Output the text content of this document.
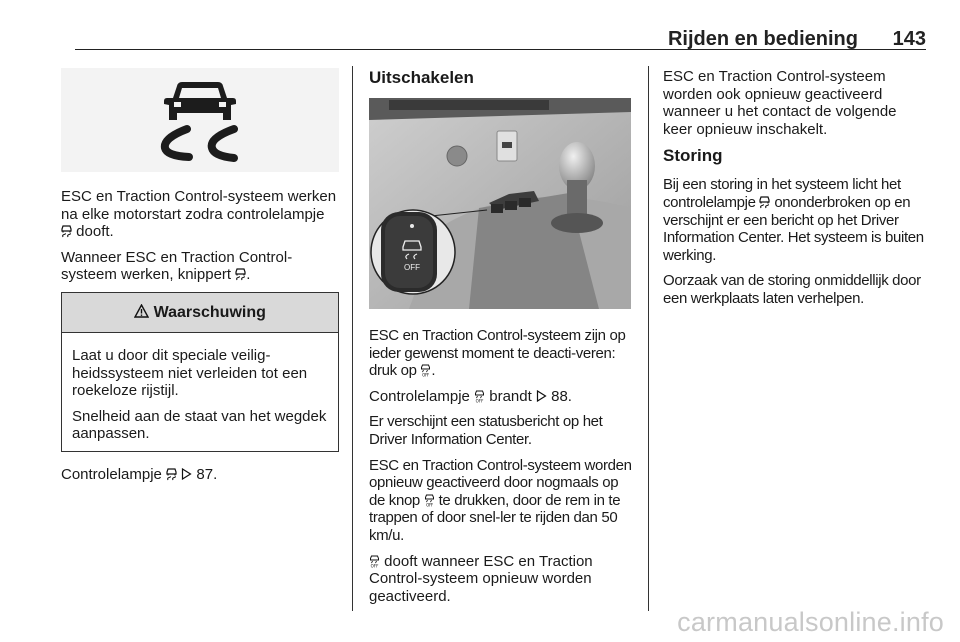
Rijden en bediening 143

ESC en Traction Control-systeem werken na elke motorstart zodra controlelampje  dooft.

Wanneer ESC en Traction Control-systeem werken, knippert .

Waarschuwing

Laat u door dit speciale veilig-heidssysteem niet verleiden tot een roekeloze rijstijl.

Snelheid aan de staat van het wegdek aanpassen.

Controlelampje 87.

Uitschakelen
OFF

ESC en Traction Control-systeem zijn op ieder gewenst moment te deacti-veren: druk op .

Controlelampje brandt 88.

Er verschijnt een statusbericht op het Driver Information Center.

ESC en Traction Control-systeem worden opnieuw geactiveerd door nogmaals op de knop te drukken, door de rem in te trappen of door snel-ler te rijden dan 50 km/u.

dooft wanneer ESC en Traction Control-systeem opnieuw worden geactiveerd.

ESC en Traction Control-systeem worden ook opnieuw geactiveerd wanneer u het contact de volgende keer opnieuw inschakelt.

Storing

Bij een storing in het systeem licht het controlelampje ononderbroken op en verschijnt er een bericht op het Driver Information Center. Het systeem is buiten werking.

Oorzaak van de storing onmiddellijk door een werkplaats laten verhelpen.

carmanualsonline.info
